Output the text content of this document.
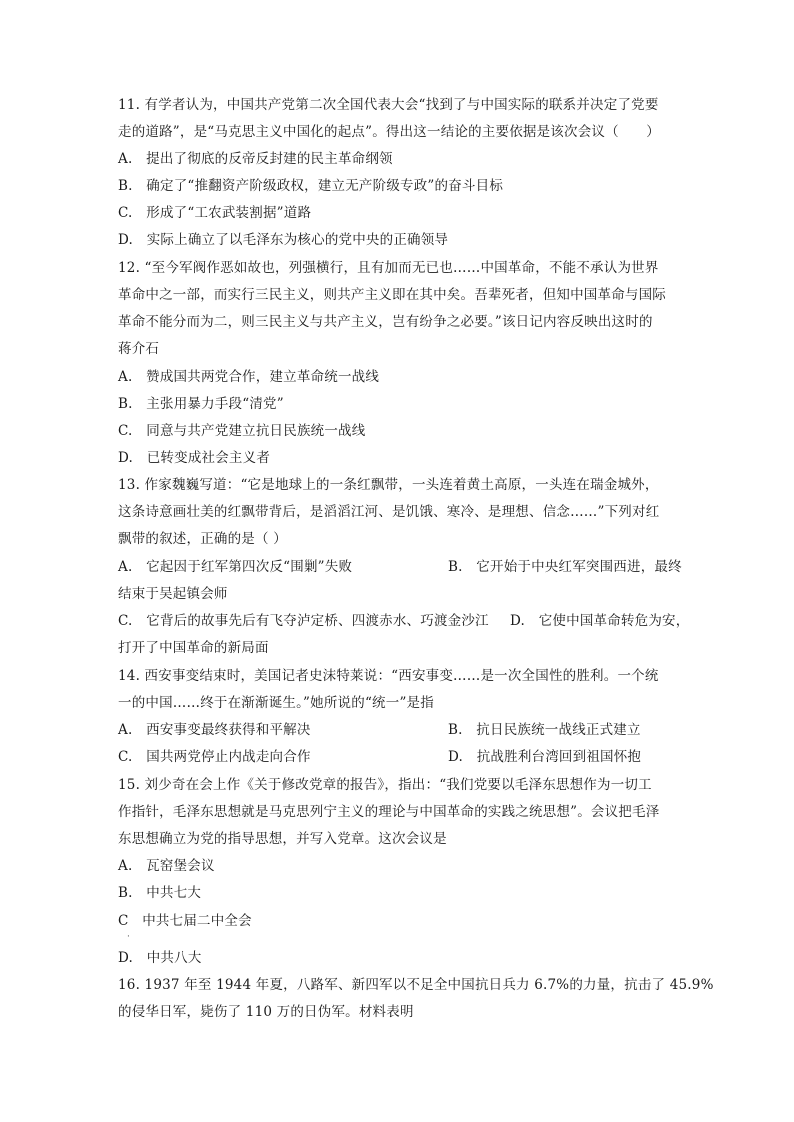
11. 有学者认为，中国共产党第二次全国代表大会“找到了与中国实际的联系并决定了党要
走的道路”，是“马克思主义中国化的起点”。得出这一结论的主要依据是该次会议（　　）
A.　提出了彻底的反帝反封建的民主革命纲领
B.　确定了“推翻资产阶级政权，建立无产阶级专政”的奋斗目标
C.　形成了“工农武装割据”道路
D.　实际上确立了以毛泽东为核心的党中央的正确领导
12. “至今军阀作恶如故也，列强横行，且有加而无已也……中国革命，不能不承认为世界
革命中之一部，而实行三民主义，则共产主义即在其中矣。吾辈死者，但知中国革命与国际
革命不能分而为二，则三民主义与共产主义，岂有纷争之必要。”该日记内容反映出这时的
蒋介石
A.　赞成国共两党合作，建立革命统一战线
B.　主张用暴力手段“清党”
C.　同意与共产党建立抗日民族统一战线
D.　已转变成社会主义者
13. 作家魏巍写道：“它是地球上的一条红飘带，一头连着黄土高原，一头连在瑞金城外，
这条诗意画壮美的红飘带背后，是滔滔江河、是饥饿、寒冷、是理想、信念……”下列对红
飘带的叙述，正确的是（ ）
A.　它起因于红军第四次反“围剿”失败	B.　它开始于中央红军突围西进，最终
结束于吴起镇会师
C.　它背后的故事先后有飞夺泸定桥、四渡赤水、巧渡金沙江 D.　它使中国革命转危为安，
打开了中国革命的新局面
14. 西安事变结束时，美国记者史沫特莱说：“西安事变……是一次全国性的胜利。一个统
一的中国……终于在渐渐诞生。”她所说的“统一”是指
A.　西安事变最终获得和平解决	B.　抗日民族统一战线正式建立
C.　国共两党停止内战走向合作	D.　抗战胜利台湾回到祖国怀抱
15. 刘少奇在会上作《关于修改党章的报告》，指出：“我们党要以毛泽东思想作为一切工
作指针，毛泽东思想就是马克思列宁主义的理论与中国革命的实践之统思想”。会议把毛泽
东思想确立为党的指导思想，并写入党章。这次会议是
A.　瓦窑堡会议
B.　中共七大
C　中共七届二中全会
·
D.　中共八大
16. 1937 年至 1944 年夏，八路军、新四军以不足全中国抗日兵力 6.7%的力量，抗击了 45.9%
的侵华日军，毙伤了 110 万的日伪军。材料表明
